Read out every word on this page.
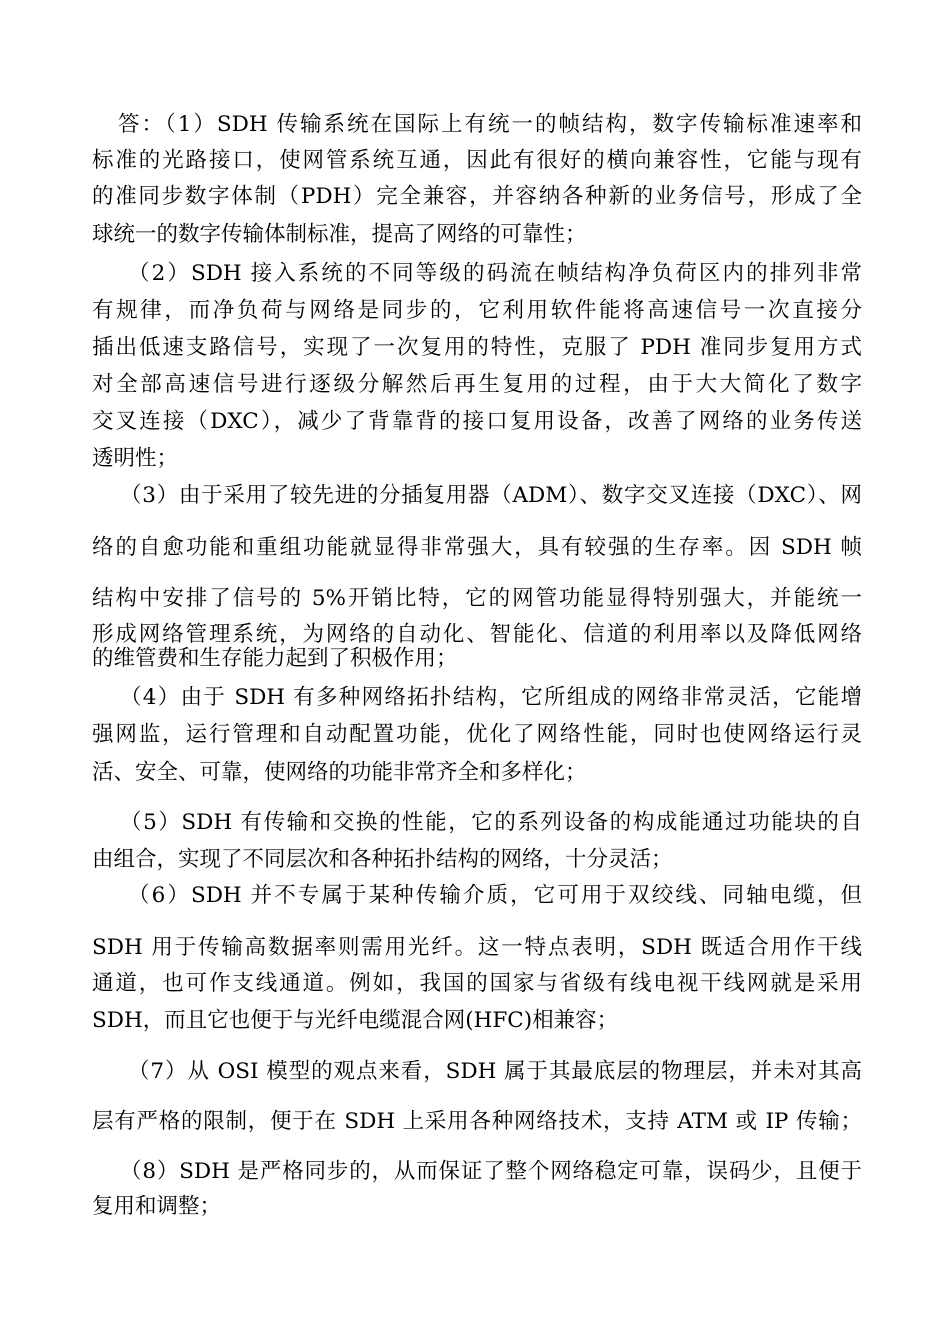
答：（1）SDH 传输系统在国际上有统一的帧结构，数字传输标准速率和
标准的光路接口，使网管系统互通，因此有很好的横向兼容性，它能与现有
的准同步数字体制（PDH）完全兼容，并容纳各种新的业务信号，形成了全
球统一的数字传输体制标准，提高了网络的可靠性；
（2）SDH 接入系统的不同等级的码流在帧结构净负荷区内的排列非常
有规律，而净负荷与网络是同步的，它利用软件能将高速信号一次直接分
插出低速支路信号，实现了一次复用的特性，克服了 PDH 准同步复用方式
对全部高速信号进行逐级分解然后再生复用的过程，由于大大简化了数字
交叉连接（DXC），减少了背靠背的接口复用设备，改善了网络的业务传送
透明性；
（3）由于采用了较先进的分插复用器（ADM）、数字交叉连接（DXC）、网
络的自愈功能和重组功能就显得非常强大，具有较强的生存率。因 SDH 帧
结构中安排了信号的 5%开销比特，它的网管功能显得特别强大，并能统一
形成网络管理系统，为网络的自动化、智能化、信道的利用率以及降低网络
的维管费和生存能力起到了积极作用；
（4）由于 SDH 有多种网络拓扑结构，它所组成的网络非常灵活，它能增
强网监，运行管理和自动配置功能，优化了网络性能，同时也使网络运行灵
活、安全、可靠，使网络的功能非常齐全和多样化；
（5）SDH 有传输和交换的性能，它的系列设备的构成能通过功能块的自
由组合，实现了不同层次和各种拓扑结构的网络，十分灵活；
（6）SDH 并不专属于某种传输介质，它可用于双绞线、同轴电缆，但
SDH 用于传输高数据率则需用光纤。这一特点表明，SDH 既适合用作干线
通道，也可作支线通道。例如，我国的国家与省级有线电视干线网就是采用
SDH，而且它也便于与光纤电缆混合网(HFC)相兼容；
（7）从 OSI 模型的观点来看，SDH 属于其最底层的物理层，并未对其高
层有严格的限制，便于在 SDH 上采用各种网络技术，支持 ATM 或 IP 传输；
（8）SDH 是严格同步的，从而保证了整个网络稳定可靠，误码少，且便于
复用和调整；
